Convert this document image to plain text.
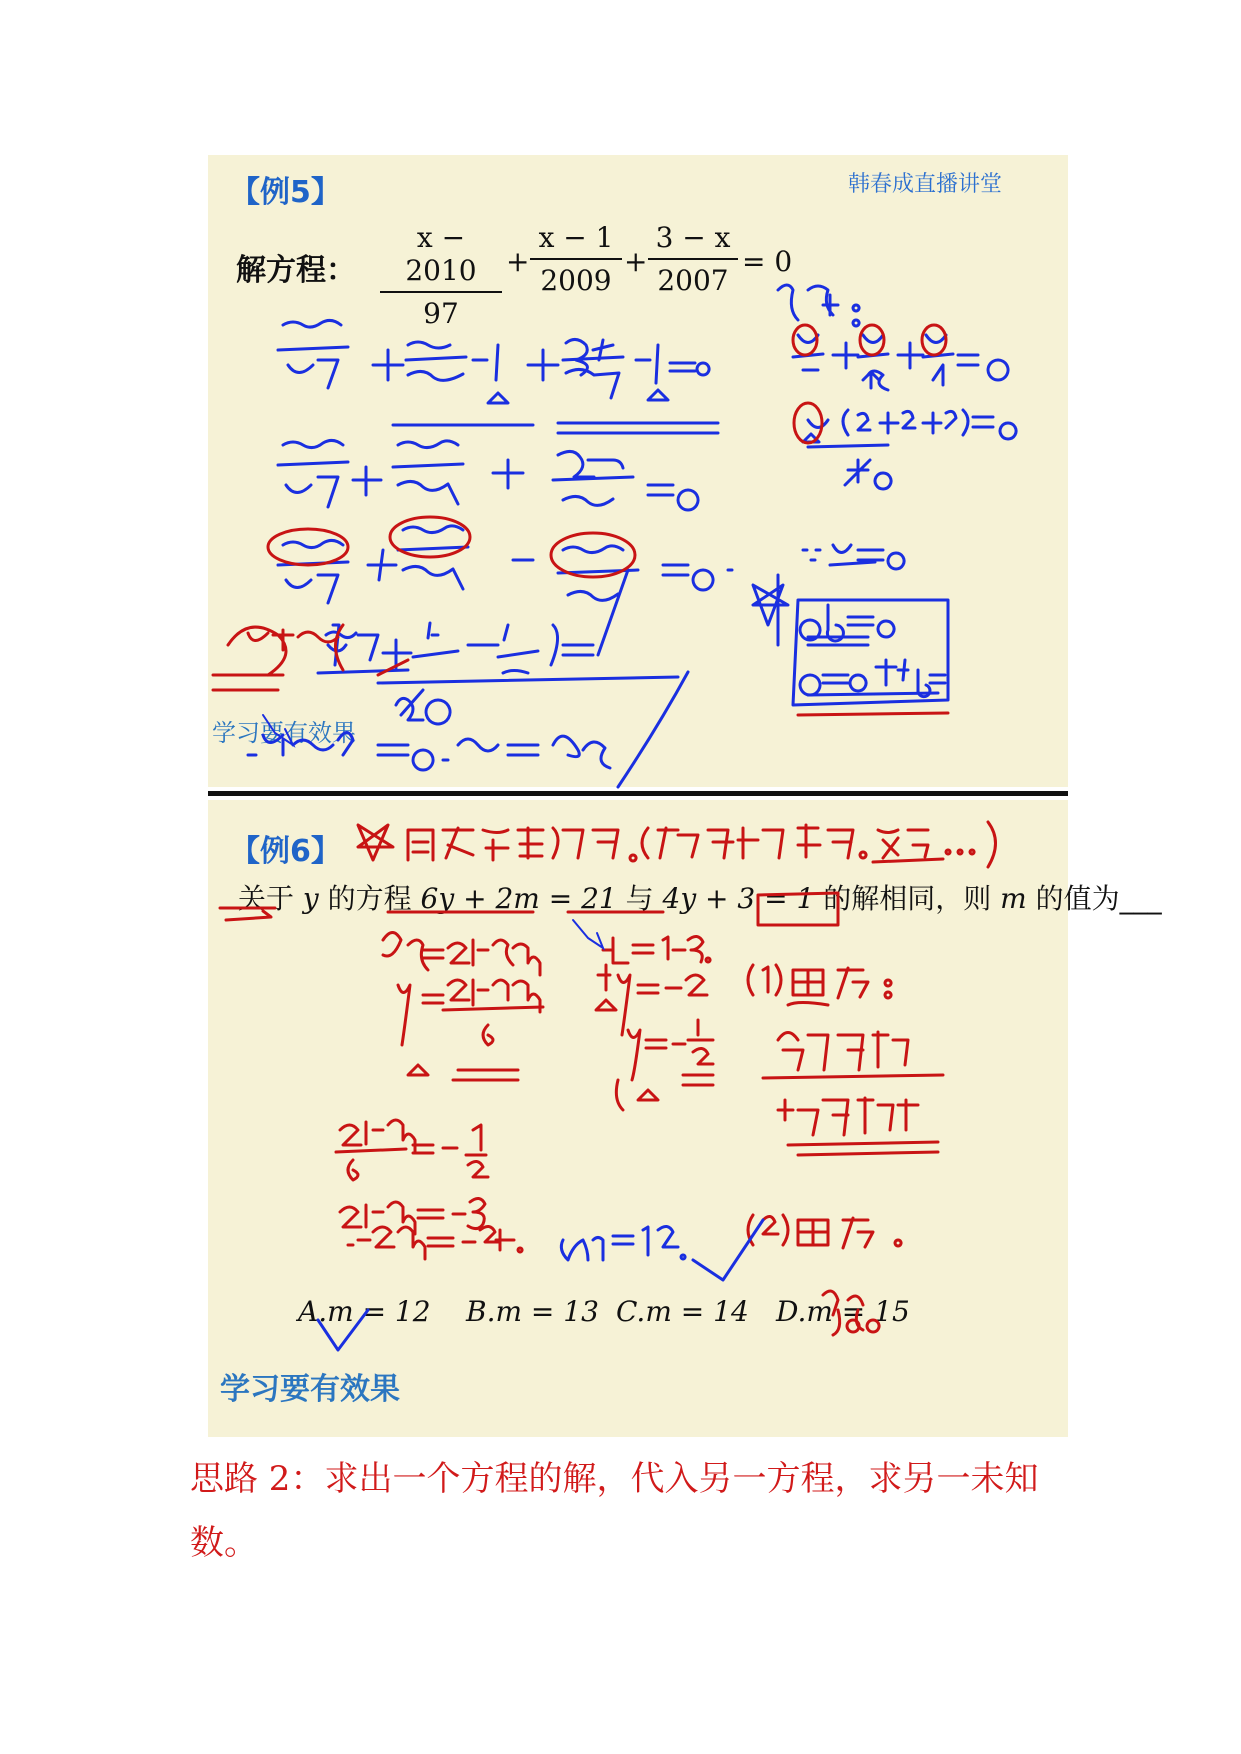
【例5】	韩春成直播讲堂
解方程： $\frac{x - 2010}{97} + \frac{x - 1}{2009} + \frac{3 - x}{2007} = 0$
学习要有效果
【例6】
关于 y 的方程 6y + 2m = 21 与 4y + 3 = 1 的解相同，则 m 的值为___
A.m = 12 B.m = 13 C.m = 14 D.m = 15
学习要有效果
思路 2：求出一个方程的解，代入另一方程，求另一未知数。
